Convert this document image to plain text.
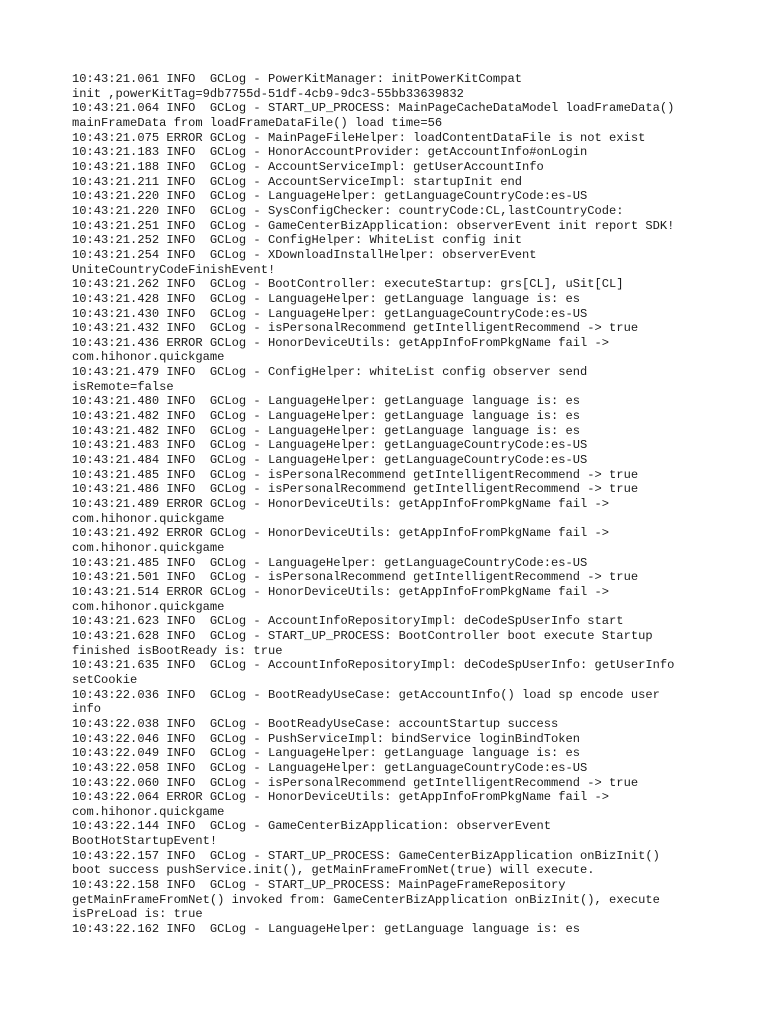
10:43:21.061 INFO  GCLog - PowerKitManager: initPowerKitCompat
init ,powerKitTag=9db7755d-51df-4cb9-9dc3-55bb33639832
10:43:21.064 INFO  GCLog - START_UP_PROCESS: MainPageCacheDataModel loadFrameData()
mainFrameData from loadFrameDataFile() load time=56
10:43:21.075 ERROR GCLog - MainPageFileHelper: loadContentDataFile is not exist
10:43:21.183 INFO  GCLog - HonorAccountProvider: getAccountInfo#onLogin
10:43:21.188 INFO  GCLog - AccountServiceImpl: getUserAccountInfo
10:43:21.211 INFO  GCLog - AccountServiceImpl: startupInit end
10:43:21.220 INFO  GCLog - LanguageHelper: getLanguageCountryCode:es-US
10:43:21.220 INFO  GCLog - SysConfigChecker: countryCode:CL,lastCountryCode:
10:43:21.251 INFO  GCLog - GameCenterBizApplication: observerEvent init report SDK!
10:43:21.252 INFO  GCLog - ConfigHelper: WhiteList config init
10:43:21.254 INFO  GCLog - XDownloadInstallHelper: observerEvent
UniteCountryCodeFinishEvent!
10:43:21.262 INFO  GCLog - BootController: executeStartup: grs[CL], uSit[CL]
10:43:21.428 INFO  GCLog - LanguageHelper: getLanguage language is: es
10:43:21.430 INFO  GCLog - LanguageHelper: getLanguageCountryCode:es-US
10:43:21.432 INFO  GCLog - isPersonalRecommend getIntelligentRecommend -> true
10:43:21.436 ERROR GCLog - HonorDeviceUtils: getAppInfoFromPkgName fail ->
com.hihonor.quickgame
10:43:21.479 INFO  GCLog - ConfigHelper: whiteList config observer send
isRemote=false
10:43:21.480 INFO  GCLog - LanguageHelper: getLanguage language is: es
10:43:21.482 INFO  GCLog - LanguageHelper: getLanguage language is: es
10:43:21.482 INFO  GCLog - LanguageHelper: getLanguage language is: es
10:43:21.483 INFO  GCLog - LanguageHelper: getLanguageCountryCode:es-US
10:43:21.484 INFO  GCLog - LanguageHelper: getLanguageCountryCode:es-US
10:43:21.485 INFO  GCLog - isPersonalRecommend getIntelligentRecommend -> true
10:43:21.486 INFO  GCLog - isPersonalRecommend getIntelligentRecommend -> true
10:43:21.489 ERROR GCLog - HonorDeviceUtils: getAppInfoFromPkgName fail ->
com.hihonor.quickgame
10:43:21.492 ERROR GCLog - HonorDeviceUtils: getAppInfoFromPkgName fail ->
com.hihonor.quickgame
10:43:21.485 INFO  GCLog - LanguageHelper: getLanguageCountryCode:es-US
10:43:21.501 INFO  GCLog - isPersonalRecommend getIntelligentRecommend -> true
10:43:21.514 ERROR GCLog - HonorDeviceUtils: getAppInfoFromPkgName fail ->
com.hihonor.quickgame
10:43:21.623 INFO  GCLog - AccountInfoRepositoryImpl: deCodeSpUserInfo start
10:43:21.628 INFO  GCLog - START_UP_PROCESS: BootController boot execute Startup
finished isBootReady is: true
10:43:21.635 INFO  GCLog - AccountInfoRepositoryImpl: deCodeSpUserInfo: getUserInfo
setCookie
10:43:22.036 INFO  GCLog - BootReadyUseCase: getAccountInfo() load sp encode user
info
10:43:22.038 INFO  GCLog - BootReadyUseCase: accountStartup success
10:43:22.046 INFO  GCLog - PushServiceImpl: bindService loginBindToken
10:43:22.049 INFO  GCLog - LanguageHelper: getLanguage language is: es
10:43:22.058 INFO  GCLog - LanguageHelper: getLanguageCountryCode:es-US
10:43:22.060 INFO  GCLog - isPersonalRecommend getIntelligentRecommend -> true
10:43:22.064 ERROR GCLog - HonorDeviceUtils: getAppInfoFromPkgName fail ->
com.hihonor.quickgame
10:43:22.144 INFO  GCLog - GameCenterBizApplication: observerEvent
BootHotStartupEvent!
10:43:22.157 INFO  GCLog - START_UP_PROCESS: GameCenterBizApplication onBizInit()
boot success pushService.init(), getMainFrameFromNet(true) will execute.
10:43:22.158 INFO  GCLog - START_UP_PROCESS: MainPageFrameRepository
getMainFrameFromNet() invoked from: GameCenterBizApplication onBizInit(), execute
isPreLoad is: true
10:43:22.162 INFO  GCLog - LanguageHelper: getLanguage language is: es
